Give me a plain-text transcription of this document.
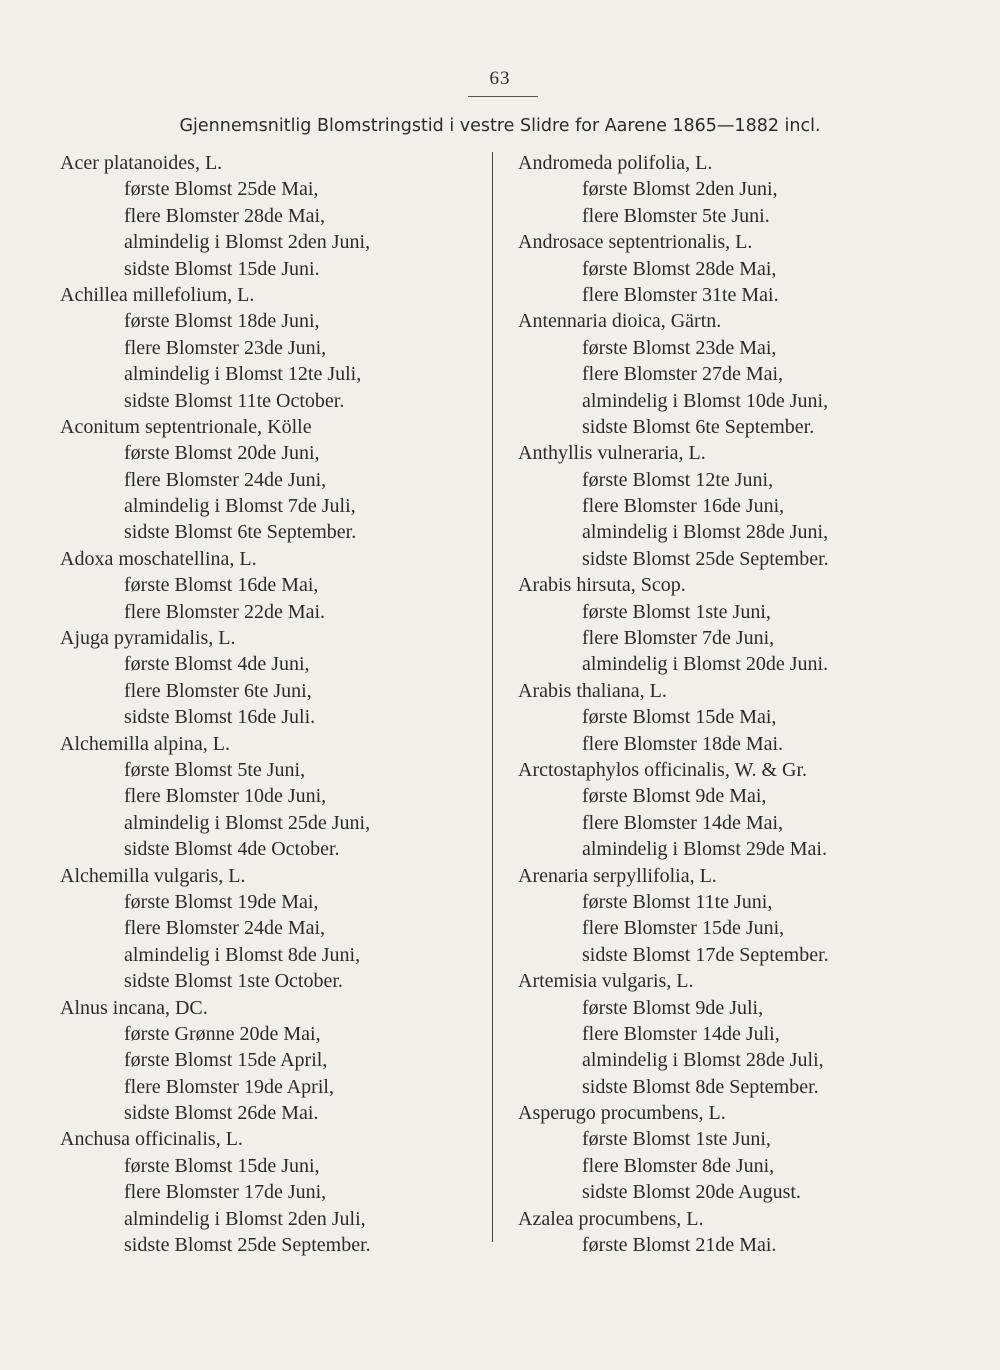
63
Gjennemsnitlig Blomstringstid i vestre Slidre for Aarene 1865—1882 incl.
Acer platanoides, L.
første Blomst 25de Mai,
flere Blomster 28de Mai,
almindelig i Blomst 2den Juni,
sidste Blomst 15de Juni.
Achillea millefolium, L.
første Blomst 18de Juni,
flere Blomster 23de Juni,
almindelig i Blomst 12te Juli,
sidste Blomst 11te October.
Aconitum septentrionale, Kölle
første Blomst 20de Juni,
flere Blomster 24de Juni,
almindelig i Blomst 7de Juli,
sidste Blomst 6te September.
Adoxa moschatellina, L.
første Blomst 16de Mai,
flere Blomster 22de Mai.
Ajuga pyramidalis, L.
første Blomst 4de Juni,
flere Blomster 6te Juni,
sidste Blomst 16de Juli.
Alchemilla alpina, L.
første Blomst 5te Juni,
flere Blomster 10de Juni,
almindelig i Blomst 25de Juni,
sidste Blomst 4de October.
Alchemilla vulgaris, L.
første Blomst 19de Mai,
flere Blomster 24de Mai,
almindelig i Blomst 8de Juni,
sidste Blomst 1ste October.
Alnus incana, DC.
første Grønne 20de Mai,
første Blomst 15de April,
flere Blomster 19de April,
sidste Blomst 26de Mai.
Anchusa officinalis, L.
første Blomst 15de Juni,
flere Blomster 17de Juni,
almindelig i Blomst 2den Juli,
sidste Blomst 25de September.
Andromeda polifolia, L.
første Blomst 2den Juni,
flere Blomster 5te Juni.
Androsace septentrionalis, L.
første Blomst 28de Mai,
flere Blomster 31te Mai.
Antennaria dioica, Gärtn.
første Blomst 23de Mai,
flere Blomster 27de Mai,
almindelig i Blomst 10de Juni,
sidste Blomst 6te September.
Anthyllis vulneraria, L.
første Blomst 12te Juni,
flere Blomster 16de Juni,
almindelig i Blomst 28de Juni,
sidste Blomst 25de September.
Arabis hirsuta, Scop.
første Blomst 1ste Juni,
flere Blomster 7de Juni,
almindelig i Blomst 20de Juni.
Arabis thaliana, L.
første Blomst 15de Mai,
flere Blomster 18de Mai.
Arctostaphylos officinalis, W. & Gr.
første Blomst 9de Mai,
flere Blomster 14de Mai,
almindelig i Blomst 29de Mai.
Arenaria serpyllifolia, L.
første Blomst 11te Juni,
flere Blomster 15de Juni,
sidste Blomst 17de September.
Artemisia vulgaris, L.
første Blomst 9de Juli,
flere Blomster 14de Juli,
almindelig i Blomst 28de Juli,
sidste Blomst 8de September.
Asperugo procumbens, L.
første Blomst 1ste Juni,
flere Blomster 8de Juni,
sidste Blomst 20de August.
Azalea procumbens, L.
første Blomst 21de Mai.
